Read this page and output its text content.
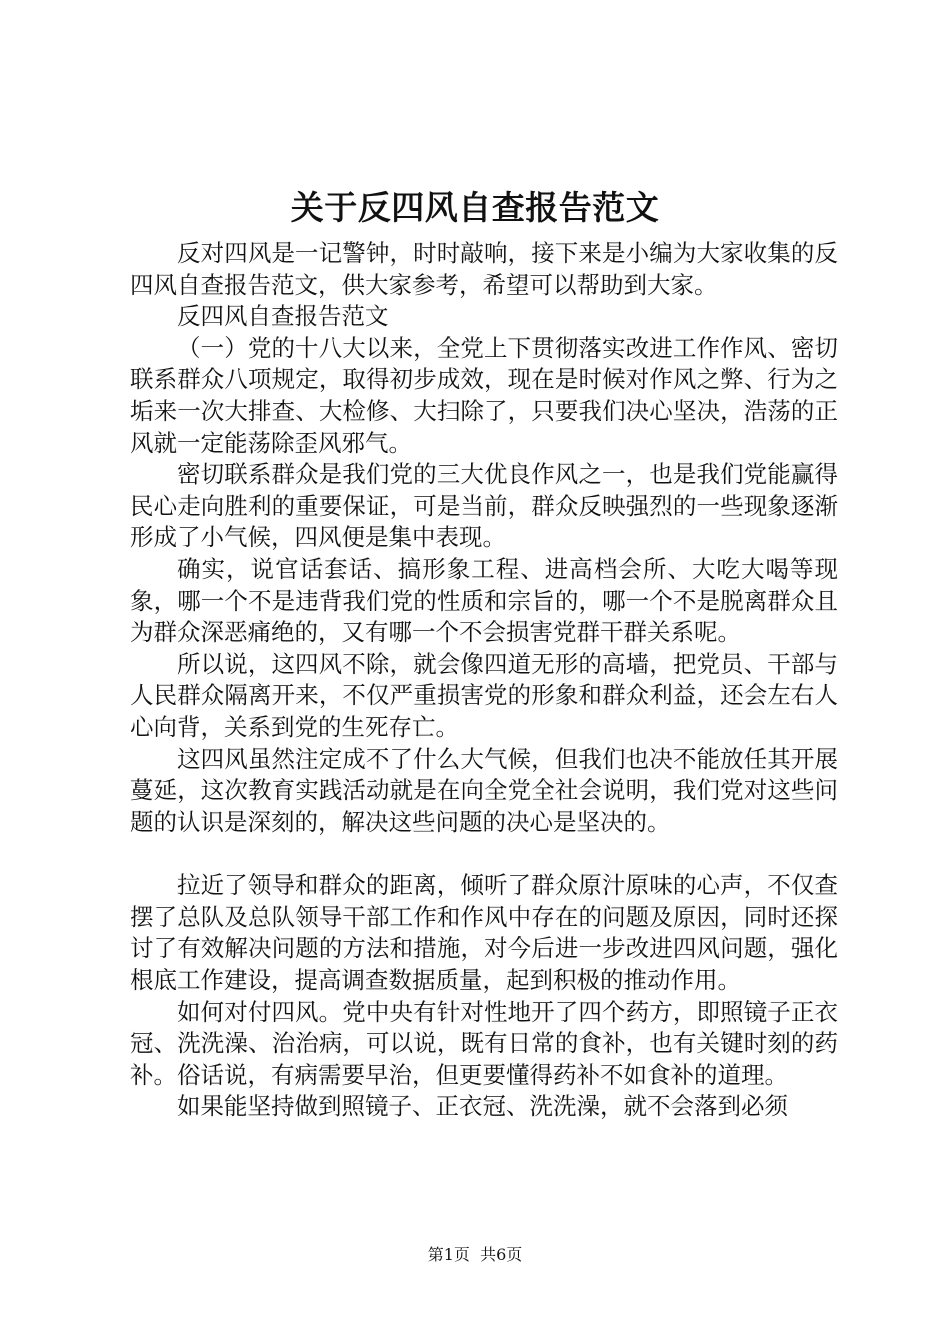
关于反四风自查报告范文

反对四风是一记警钟，时时敲响，接下来是小编为大家收集的反四风自查报告范文，供大家参考，希望可以帮助到大家。

反四风自查报告范文

（一）党的十八大以来，全党上下贯彻落实改进工作作风、密切联系群众八项规定，取得初步成效，现在是时候对作风之弊、行为之垢来一次大排查、大检修、大扫除了，只要我们决心坚决，浩荡的正风就一定能荡除歪风邪气。

密切联系群众是我们党的三大优良作风之一，也是我们党能赢得民心走向胜利的重要保证，可是当前，群众反映强烈的一些现象逐渐形成了小气候，四风便是集中表现。

确实，说官话套话、搞形象工程、进高档会所、大吃大喝等现象，哪一个不是违背我们党的性质和宗旨的，哪一个不是脱离群众且为群众深恶痛绝的，又有哪一个不会损害党群干群关系呢。

所以说，这四风不除，就会像四道无形的高墙，把党员、干部与人民群众隔离开来，不仅严重损害党的形象和群众利益，还会左右人心向背，关系到党的生死存亡。

这四风虽然注定成不了什么大气候，但我们也决不能放任其开展蔓延，这次教育实践活动就是在向全党全社会说明，我们党对这些问题的认识是深刻的，解决这些问题的决心是坚决的。

拉近了领导和群众的距离，倾听了群众原汁原味的心声，不仅查摆了总队及总队领导干部工作和作风中存在的问题及原因，同时还探讨了有效解决问题的方法和措施，对今后进一步改进四风问题，强化根底工作建设，提高调查数据质量，起到积极的推动作用。

如何对付四风。党中央有针对性地开了四个药方，即照镜子正衣冠、洗洗澡、治治病，可以说，既有日常的食补，也有关键时刻的药补。俗话说，有病需要早治，但更要懂得药补不如食补的道理。

如果能坚持做到照镜子、正衣冠、洗洗澡，就不会落到必须

第1页 共6页
